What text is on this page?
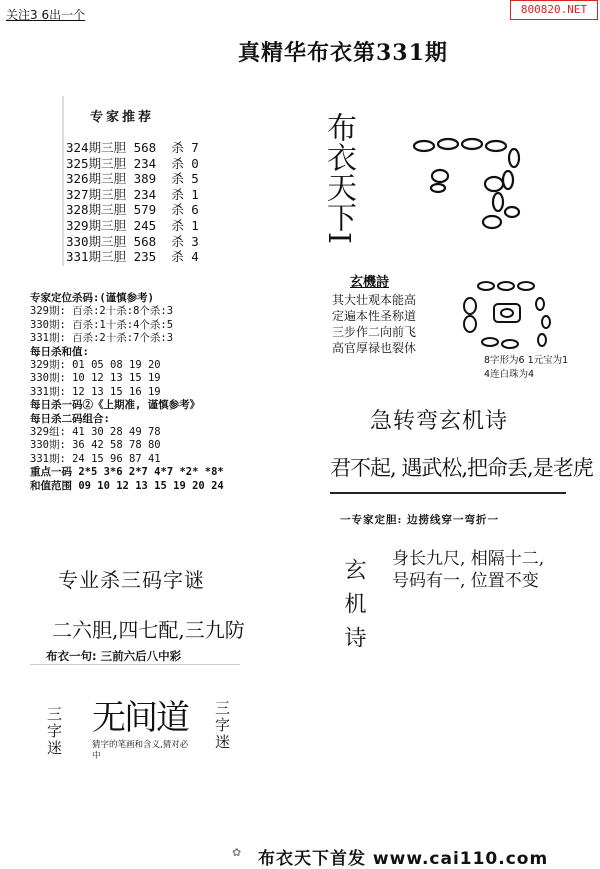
关注3 6出一个	800820.NET
真精华布衣第331期
专家推荐
324期三胆 568  杀 7
325期三胆 234  杀 0
326期三胆 389  杀 5
327期三胆 234  杀 1
328期三胆 579  杀 6
329期三胆 245  杀 1
330期三胆 568  杀 3
331期三胆 235  杀 4
专家定位杀码:(谨慎参考)
329期: 百杀:2十杀:8个杀:3
330期: 百杀:1十杀:4个杀:5
331期: 百杀:2十杀:7个杀:3
每日杀和值:
329期: 01 05 08 19 20
330期: 10 12 13 15 19
331期: 12 13 15 16 19
每日杀一码②《上期准, 谨慎参考》
每日杀二码组合:
329组: 41 30 28 49 78
330期: 36 42 58 78 80
331期: 24 15 96 87 41
重点一码 2*5 3*6 2*7 4*7 *2* *8*
和值范围 09 10 12 13 15 19 20 24
专业杀三码字谜
二六胆,四七配,三九防
布衣一句: 三前六后八中彩
三字迷 无间道 三字迷
猜字的笔画和含义,猜对必中
布衣天下I
玄機詩
其大壮观本能高
定遍本性圣称道
三步作二向前飞
高官厚禄也裂休
8字形为6 1元宝为1
4连白珠为4
急转弯玄机诗
君不起, 遇武松,把命丢,是老虎
一专家定胆: 边捞线穿一弯折一
玄机诗 身长九尺, 相隔十二,
号码有一, 位置不变
✿ 布衣天下首发 www.cai110.com
